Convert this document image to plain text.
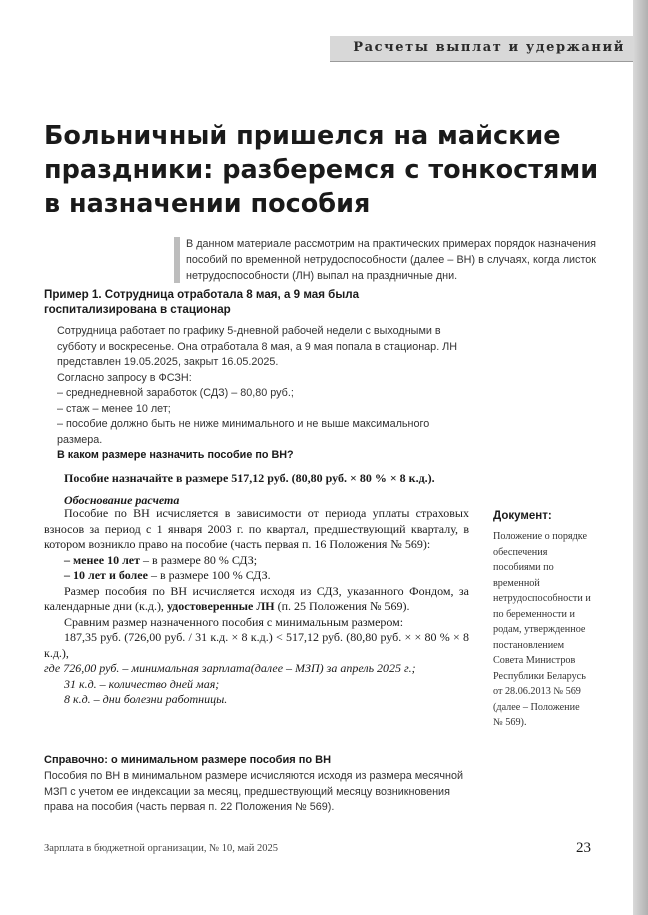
Расчеты выплат и удержаний
Больничный пришелся на майские праздники: разберемся с тонкостями в назначении пособия
В данном материале рассмотрим на практических примерах порядок назначения пособий по временной нетрудоспособности (далее – ВН) в случаях, когда листок нетрудоспособности (ЛН) выпал на праздничные дни.
Пример 1. Сотрудница отработала 8 мая, а 9 мая была госпитализирована в стационар

Сотрудница работает по графику 5-дневной рабочей недели с выходными в субботу и воскресенье. Она отработала 8 мая, а 9 мая попала в стационар. ЛН представлен 19.05.2025, закрыт 16.05.2025.

Согласно запросу в ФСЗН:

– среднедневной заработок (СДЗ) – 80,80 руб.;

– стаж – менее 10 лет;

– пособие должно быть не ниже минимального и не выше максимального размера.

В каком размере назначить пособие по ВН?

Пособие назначайте в размере 517,12 руб. (80,80 руб. × 80 % × 8 к.д.).
Обоснование расчета

Пособие по ВН исчисляется в зависимости от периода уплаты страховых взносов за период с 1 января 2003 г. по квартал, предшествующий кварталу, в котором возникло право на пособие (часть первая п. 16 Положения № 569):

– менее 10 лет – в размере 80 % СДЗ;

– 10 лет и более – в размере 100 % СДЗ.

Размер пособия по ВН исчисляется исходя из СДЗ, указанного Фондом, за календарные дни (к.д.), удостоверенные ЛН (п. 25 Положения № 569).

Сравним размер назначенного пособия с минимальным размером:

187,35 руб. (726,00 руб. / 31 к.д. × 8 к.д.) < 517,12 руб. (80,80 руб. × × 80 % × 8 к.д.),

где 726,00 руб. – минимальная зарплата(далее – МЗП) за апрель 2025 г.;

31 к.д. – количество дней мая;

8 к.д. – дни болезни работницы.

Документ:
Положение о порядке обеспечения пособиями по временной нетрудоспособности и по беременности и родам, утвержденное постановлением Совета Министров Республики Беларусь от 28.06.2013 № 569 (далее – Положение № 569).
Справочно: о минимальном размере пособия по ВН
Пособия по ВН в минимальном размере исчисляются исходя из размера месячной МЗП с учетом ее индексации за месяц, предшествующий месяцу возникновения права на пособия (часть первая п. 22 Положения № 569).
Зарплата в бюджетной организации, № 10, май 2025	23
